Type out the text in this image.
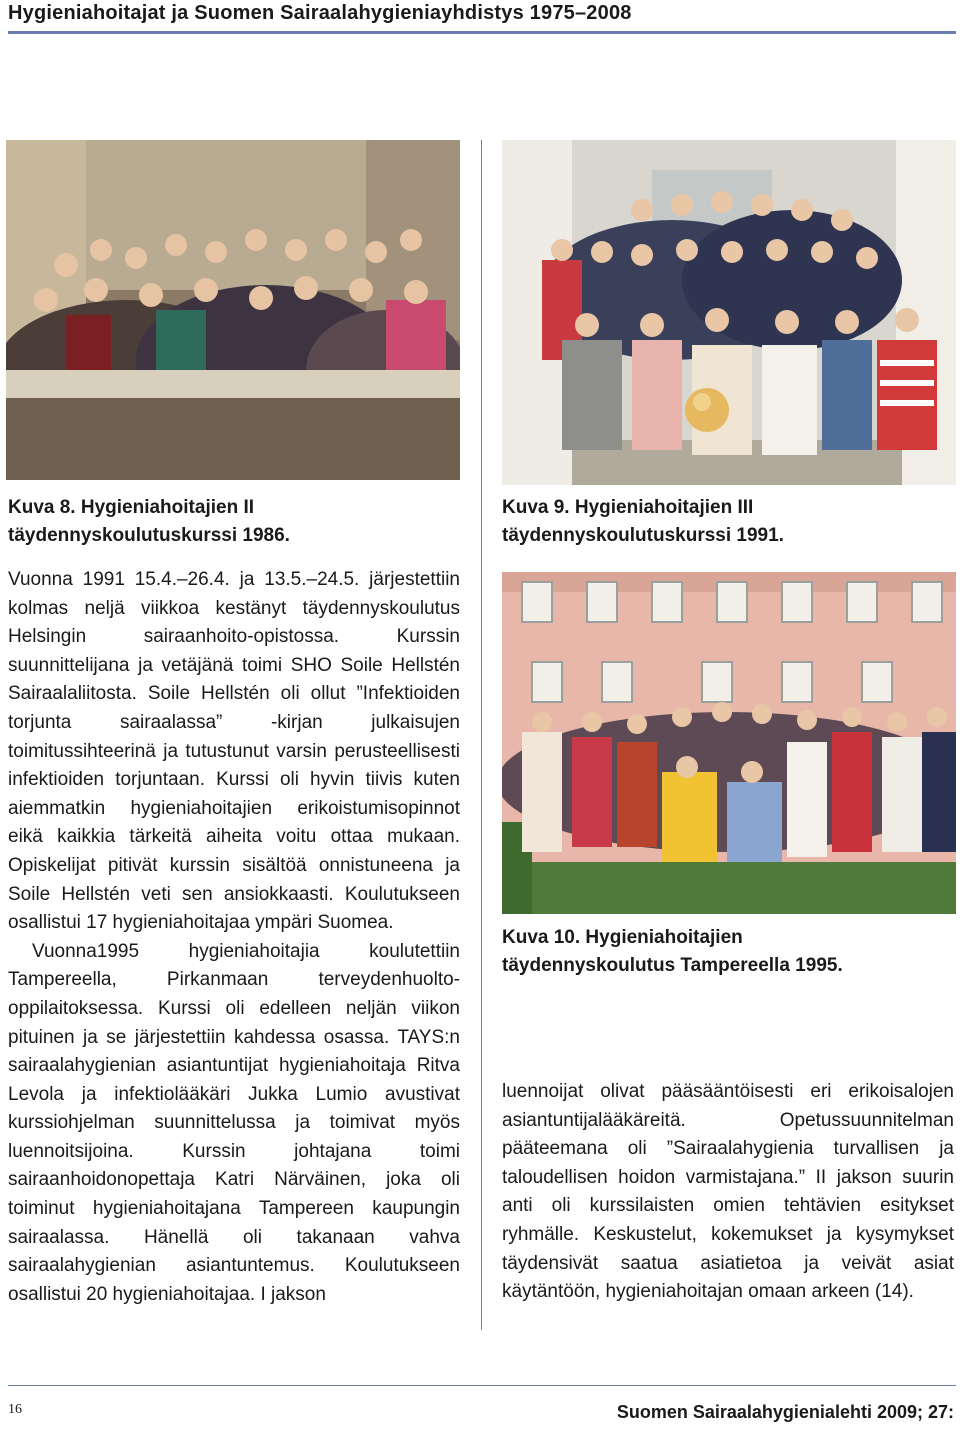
Hygieniahoitajat ja Suomen Sairaalahygieniayhdistys 1975–2008
Kuva 8. Hygieniahoitajien II
täydennyskoulutuskurssi 1986.
Kuva 9. Hygieniahoitajien III
täydennyskoulutuskurssi 1991.
Kuva 10. Hygieniahoitajien
täydennyskoulutus Tampereella 1995.

Vuonna 1991 15.4.–26.4. ja 13.5.–24.5. järjestettiin kolmas neljä viikkoa kestänyt täydennyskoulutus Helsingin sairaanhoito-opistossa. Kurssin suunnittelijana ja vetäjänä toimi SHO Soile Hellstén Sairaalaliitosta. Soile Hellstén oli ollut ”Infektioiden torjunta sairaalassa” -kirjan julkaisujen toimitussihteerinä ja tutustunut varsin perusteellisesti infektioiden torjuntaan. Kurssi oli hyvin tiivis kuten aiemmatkin hygieniahoitajien erikoistumisopinnot eikä kaikkia tärkeitä aiheita voitu ottaa mukaan. Opiskelijat pitivät kurssin sisältöä onnistuneena ja Soile Hellstén veti sen ansiokkaasti. Koulutukseen osallistui 17 hygieniahoitajaa ympäri Suomea.

Vuonna1995 hygieniahoitajia koulutettiin Tampereella, Pirkanmaan terveydenhuolto-oppilaitoksessa. Kurssi oli edelleen neljän viikon pituinen ja se järjestettiin kahdessa osassa. TAYS:n sairaalahygienian asiantuntijat hygieniahoitaja Ritva Levola ja infektiolääkäri Jukka Lumio avustivat kurssiohjelman suunnittelussa ja toimivat myös luennoitsijoina. Kurssin johtajana toimi sairaanhoidonopettaja Katri Närväinen, joka oli toiminut hygieniahoitajana Tampereen kaupungin sairaalassa. Hänellä oli takanaan vahva sairaalahygienian asiantuntemus. Koulutukseen osallistui 20 hygieniahoitajaa. I jakson

luennoijat olivat pääsääntöisesti eri erikoisalojen asiantuntijalääkäreitä. Opetussuunnitelman pääteemana oli ”Sairaalahygienia turvallisen ja taloudellisen hoidon varmistajana.” II jakson suurin anti oli kurssilaisten omien tehtävien esitykset ryhmälle. Keskustelut, kokemukset ja kysymykset täydensivät saatua asiatietoa ja veivät asiat käytäntöön, hygieniahoitajan omaan arkeen (14).

16	Suomen Sairaalahygienialehti 2009; 27:
